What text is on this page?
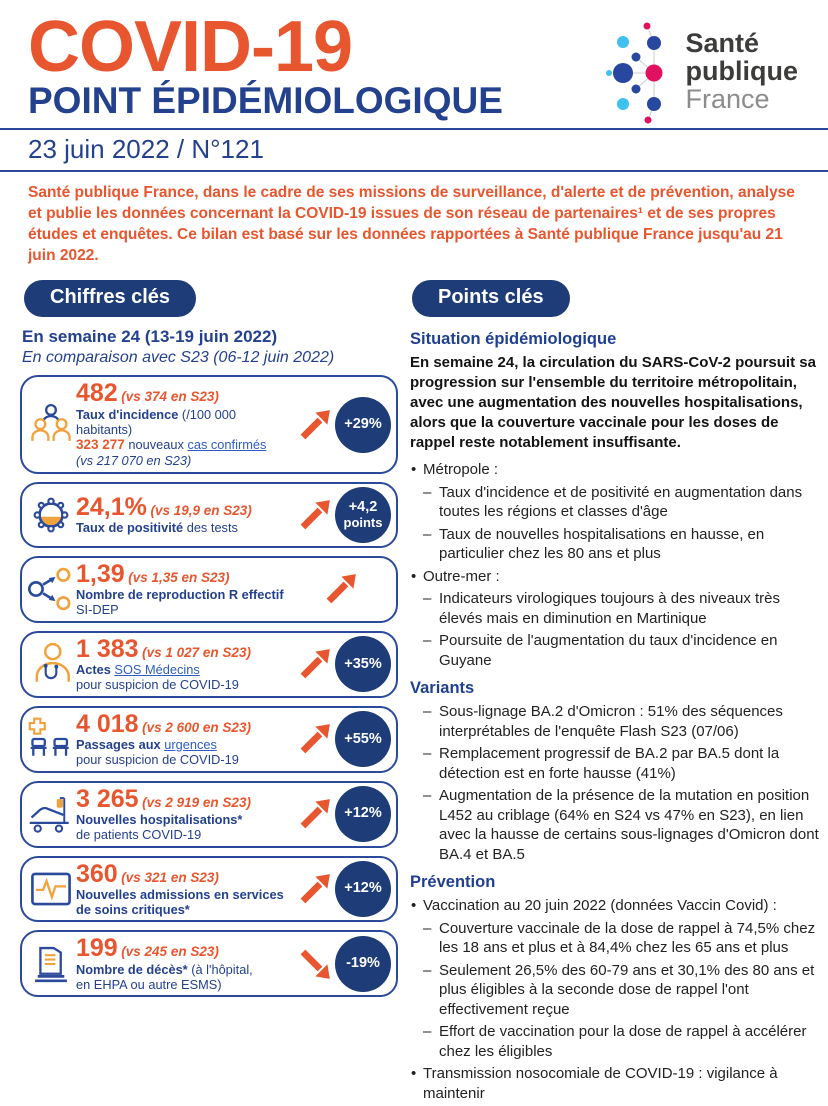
COVID-19
POINT ÉPIDÉMIOLOGIQUE
Santé
publique
France
23 juin 2022 / N°121

Santé publique France, dans le cadre de ses missions de surveillance, d'alerte et de prévention, analyse et publie les données concernant la COVID-19 issues de son réseau de partenaires¹ et de ses propres études et enquêtes. Ce bilan est basé sur les données rapportées à Santé publique France jusqu'au 21 juin 2022.

Chiffres clés
En semaine 24 (13-19 juin 2022)
En comparaison avec S23 (06-12 juin 2022)
482 (vs 374 en S23)
Taux d'incidence (/100 000 habitants)
323 277 nouveaux cas confirmés
(vs 217 070 en S23)
+29%
24,1% (vs 19,9 en S23)
Taux de positivité des tests
+4,2
points
1,39 (vs 1,35 en S23)
Nombre de reproduction R effectif
SI-DEP
1 383 (vs 1 027 en S23)
Actes SOS Médecins
pour suspicion de COVID-19
+35%
4 018 (vs 2 600 en S23)
Passages aux urgences
pour suspicion de COVID-19
+55%
3 265 (vs 2 919 en S23)
Nouvelles hospitalisations*
de patients COVID-19
+12%
360 (vs 321 en S23)
Nouvelles admissions en services
de soins critiques*
+12%
199 (vs 245 en S23)
Nombre de décès* (à l'hôpital,
en EHPA ou autre ESMS)
-19%
Points clés
Situation épidémiologique

En semaine 24, la circulation du SARS-CoV-2 poursuit sa progression sur l'ensemble du territoire métropolitain, avec une augmentation des nouvelles hospitalisations, alors que la couverture vaccinale pour les doses de rappel reste notablement insuffisante.

• Métropole :
– Taux d'incidence et de positivité en augmentation dans toutes les régions et classes d'âge
– Taux de nouvelles hospitalisations en hausse, en particulier chez les 80 ans et plus
• Outre-mer :
– Indicateurs virologiques toujours à des niveaux très élevés mais en diminution en Martinique
– Poursuite de l'augmentation du taux d'incidence en Guyane
Variants
– Sous-lignage BA.2 d'Omicron : 51% des séquences interprétables de l'enquête Flash S23 (07/06)
– Remplacement progressif de BA.2 par BA.5 dont la détection est en forte hausse (41%)
– Augmentation de la présence de la mutation en position L452 au criblage (64% en S24 vs 47% en S23), en lien avec la hausse de certains sous-lignages d'Omicron dont BA.4 et BA.5
Prévention
• Vaccination au 20 juin 2022 (données Vaccin Covid) :
– Couverture vaccinale de la dose de rappel à 74,5% chez les 18 ans et plus et à 84,4% chez les 65 ans et plus
– Seulement 26,5% des 60-79 ans et 30,1% des 80 ans et plus éligibles à la seconde dose de rappel l'ont effectivement reçue
– Effort de vaccination pour la dose de rappel à accélérer chez les éligibles
• Transmission nosocomiale de COVID-19 : vigilance à maintenir
